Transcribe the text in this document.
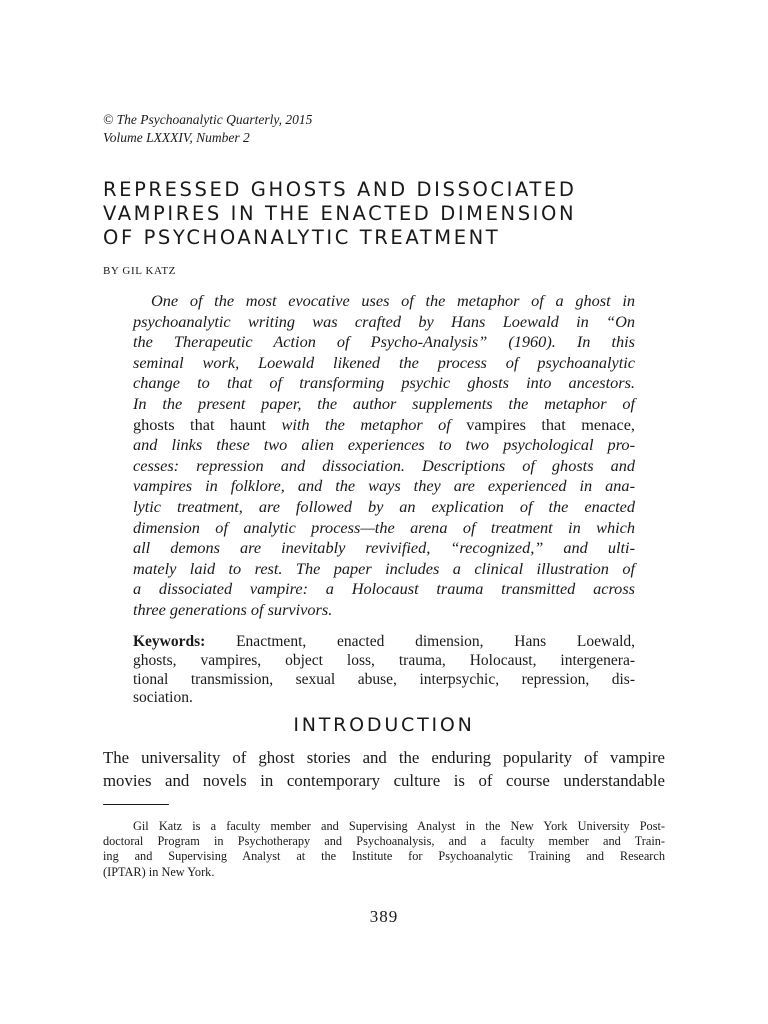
© The Psychoanalytic Quarterly, 2015
Volume LXXXIV, Number 2
REPRESSED GHOSTS AND DISSOCIATED
VAMPIRES IN THE ENACTED DIMENSION
OF PSYCHOANALYTIC TREATMENT
BY GIL KATZ
One of the most evocative uses of the metaphor of a ghost in
psychoanalytic writing was crafted by Hans Loewald in “On
the Therapeutic Action of Psycho-Analysis” (1960). In this
seminal work, Loewald likened the process of psychoanalytic
change to that of transforming psychic ghosts into ancestors.
In the present paper, the author supplements the metaphor of
ghosts that haunt with the metaphor of vampires that menace,
and links these two alien experiences to two psychological pro-
cesses: repression and dissociation. Descriptions of ghosts and
vampires in folklore, and the ways they are experienced in ana-
lytic treatment, are followed by an explication of the enacted
dimension of analytic process—the arena of treatment in which
all demons are inevitably revivified, “recognized,” and ulti-
mately laid to rest. The paper includes a clinical illustration of
a dissociated vampire: a Holocaust trauma transmitted across
three generations of survivors.
Keywords: Enactment, enacted dimension, Hans Loewald,
ghosts, vampires, object loss, trauma, Holocaust, intergenera-
tional transmission, sexual abuse, interpsychic, repression, dis-
sociation.
INTRODUCTION
The universality of ghost stories and the enduring popularity of vampire
movies and novels in contemporary culture is of course understandable
Gil Katz is a faculty member and Supervising Analyst in the New York University Post-
doctoral Program in Psychotherapy and Psychoanalysis, and a faculty member and Train-
ing and Supervising Analyst at the Institute for Psychoanalytic Training and Research
(IPTAR) in New York.
389
